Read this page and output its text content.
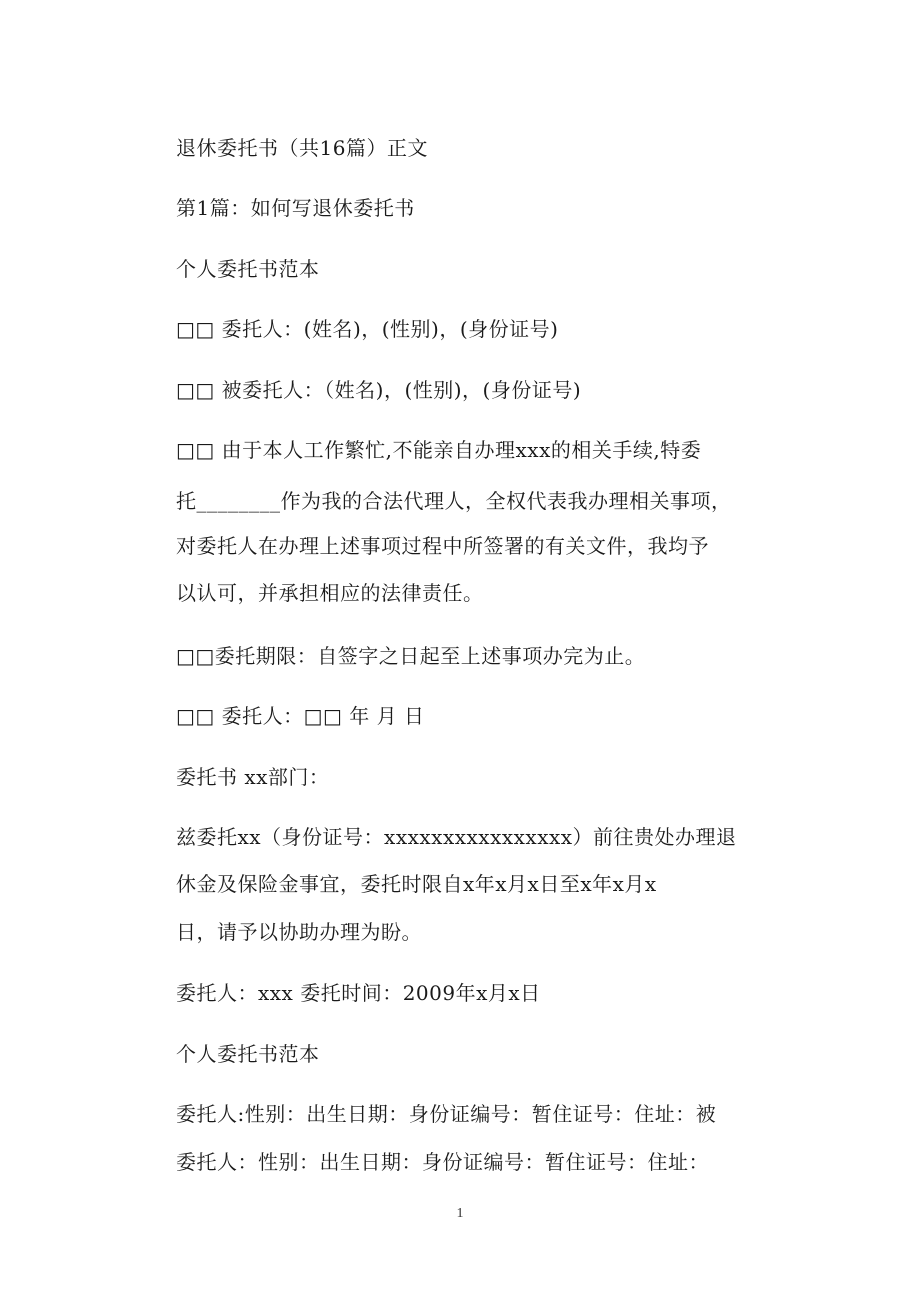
退休委托书（共16篇）正文
第1篇：如何写退休委托书
个人委托书范本
□□ 委托人：(姓名)，(性别)，(身份证号)
□□ 被委托人：（姓名)，(性别)，(身份证号)
□□ 由于本人工作繁忙,不能亲自办理xxx的相关手续,特委
托________作为我的合法代理人，全权代表我办理相关事项，
对委托人在办理上述事项过程中所签署的有关文件，我均予
以认可，并承担相应的法律责任。
□□委托期限：自签字之日起至上述事项办完为止。
□□ 委托人：□□ 年 月 日
委托书 xx部门：
兹委托xx（身份证号：xxxxxxxxxxxxxxxx）前往贵处办理退
休金及保险金事宜，委托时限自x年x月x日至x年x月x
日，请予以协助办理为盼。
委托人：xxx 委托时间：2009年x月x日
个人委托书范本
委托人:性别：出生日期：身份证编号：暂住证号：住址：被
委托人：性别：出生日期：身份证编号：暂住证号：住址：
1
